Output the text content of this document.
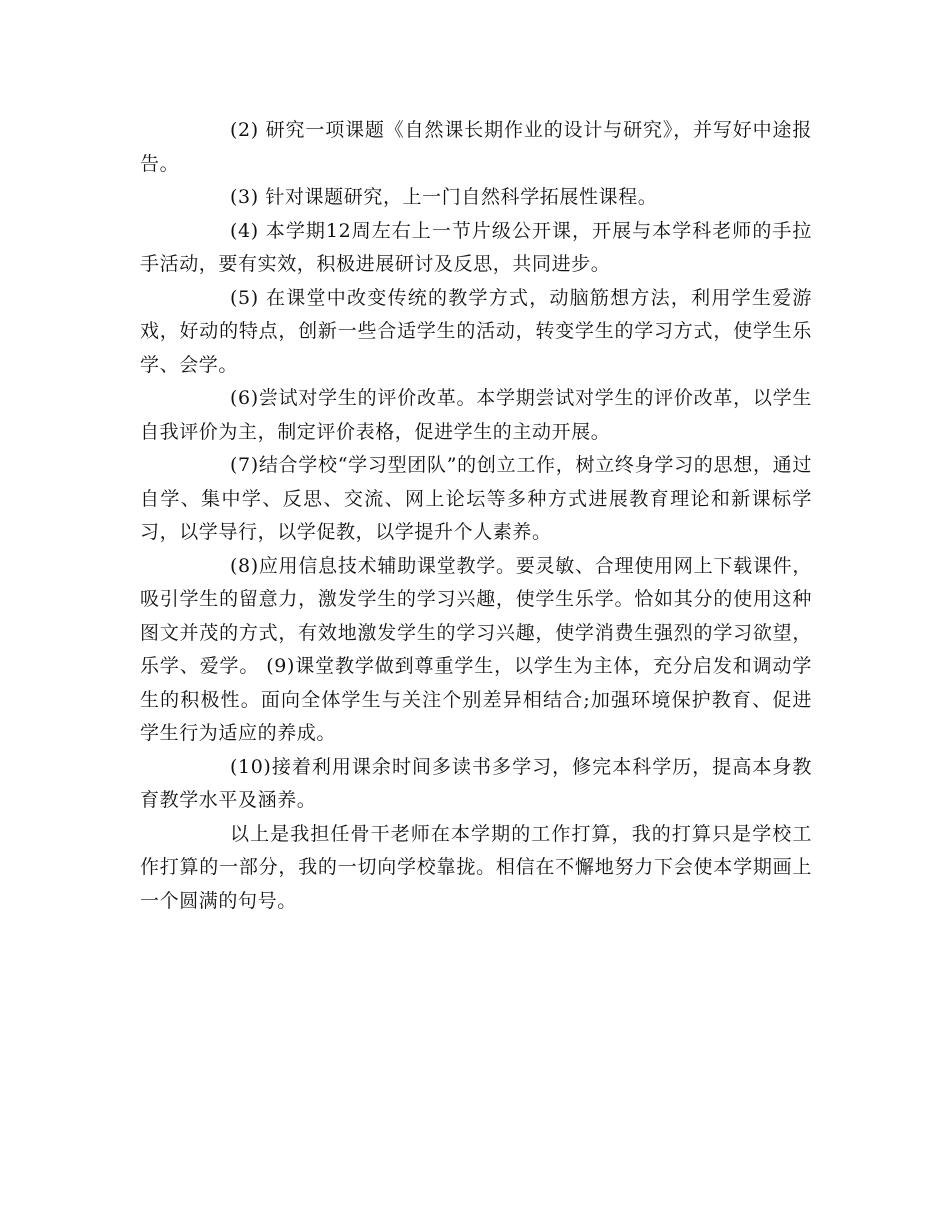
(2) 研究一项课题《自然课长期作业的设计与研究》，并写好中途报告。

(3) 针对课题研究，上一门自然科学拓展性课程。

(4) 本学期12周左右上一节片级公开课，开展与本学科老师的手拉手活动，要有实效，积极进展研讨及反思，共同进步。

(5) 在课堂中改变传统的教学方式，动脑筋想方法，利用学生爱游戏，好动的特点，创新一些合适学生的活动，转变学生的学习方式，使学生乐学、会学。

(6)尝试对学生的评价改革。本学期尝试对学生的评价改革，以学生自我评价为主，制定评价表格，促进学生的主动开展。

(7)结合学校“学习型团队”的创立工作，树立终身学习的思想，通过自学、集中学、反思、交流、网上论坛等多种方式进展教育理论和新课标学习，以学导行，以学促教，以学提升个人素养。

(8)应用信息技术辅助课堂教学。要灵敏、合理使用网上下载课件，吸引学生的留意力，激发学生的学习兴趣，使学生乐学。恰如其分的使用这种图文并茂的方式，有效地激发学生的学习兴趣，使学消费生强烈的学习欲望，乐学、爱学。 (9)课堂教学做到尊重学生，以学生为主体，充分启发和调动学生的积极性。面向全体学生与关注个别差异相结合;加强环境保护教育、促进学生行为适应的养成。

(10)接着利用课余时间多读书多学习，修完本科学历，提高本身教育教学水平及涵养。

以上是我担任骨干老师在本学期的工作打算，我的打算只是学校工作打算的一部分，我的一切向学校靠拢。相信在不懈地努力下会使本学期画上一个圆满的句号。
